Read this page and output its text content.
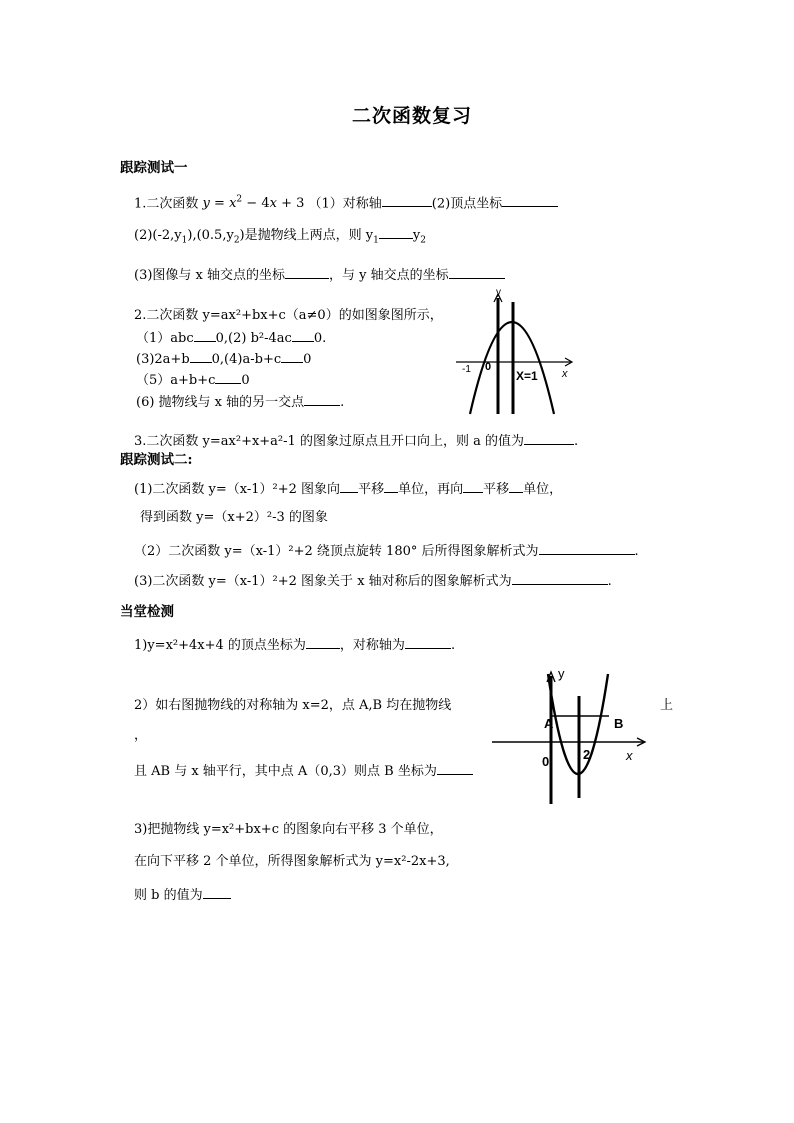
二次函数复习
跟踪测试一
1.二次函数 $y = x^2 - 4x + 3$ （1）对称轴	(2)顶点坐标
$(2)(-2,y_1),(0.5,y_2)$是抛物线上两点，则 $y_1$	$y_2$
(3)图像与 x 轴交点的坐标	，与 y 轴交点的坐标
2.二次函数 y=ax²+bx+c（a≠0）的如图象图所示，
（1）abc 0,(2) b²-4ac 0.
(3)2a+b 0,(4)a-b+c 0
（5）a+b+c 0
(6) 抛物线与 x 轴的另一交点	.
y
x
-1 0
X=1
3.二次函数 y=ax²+x+a²-1 的图象过原点且开口向上，则 a 的值为	.
跟踪测试二:
(1)二次函数 y=（x-1）²+2 图象向 平移 单位，再向 平移 单位，
得到函数 y=（x+2）²-3 的图象
（2）二次函数 y=（x-1）²+2 绕顶点旋转 180° 后所得图象解析式为	.
(3)二次函数 y=（x-1）²+2 图象关于 x 轴对称后的图象解析式为	.
当堂检测
1)y=x²+4x+4 的顶点坐标为	，对称轴为	.
2）如右图抛物线的对称轴为 x=2，点 A,B 均在抛物线	上
，
且 AB 与 x 轴平行，其中点 A（0,3）则点 B 坐标为
y
x
A	B
0	2
3)把抛物线 y=x²+bx+c 的图象向右平移 3 个单位，
在向下平移 2 个单位，所得图象解析式为 y=x²-2x+3,
则 b 的值为
